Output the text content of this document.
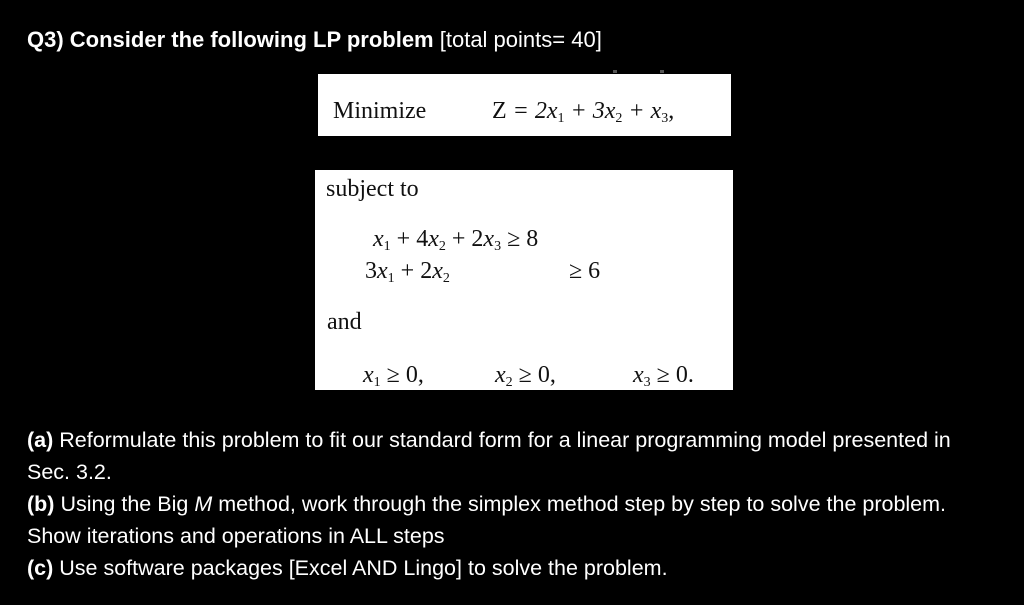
Q3) Consider the following LP problem [total points= 40]
Minimize	$Z = 2x_1 + 3x_2 + x_3$,
subject to
$x_1 + 4x_2 + 2x_3 \ge 8$
$3x_1 + 2x_2$	≥ 6
and
$x_1 \ge 0$,	$x_2 \ge 0$,	$x_3 \ge 0$.

(a) Reformulate this problem to fit our standard form for a linear programming model presented in Sec. 3.2.

(b) Using the Big M method, work through the simplex method step by step to solve the problem. Show iterations and operations in ALL steps

(c) Use software packages [Excel AND Lingo] to solve the problem.
